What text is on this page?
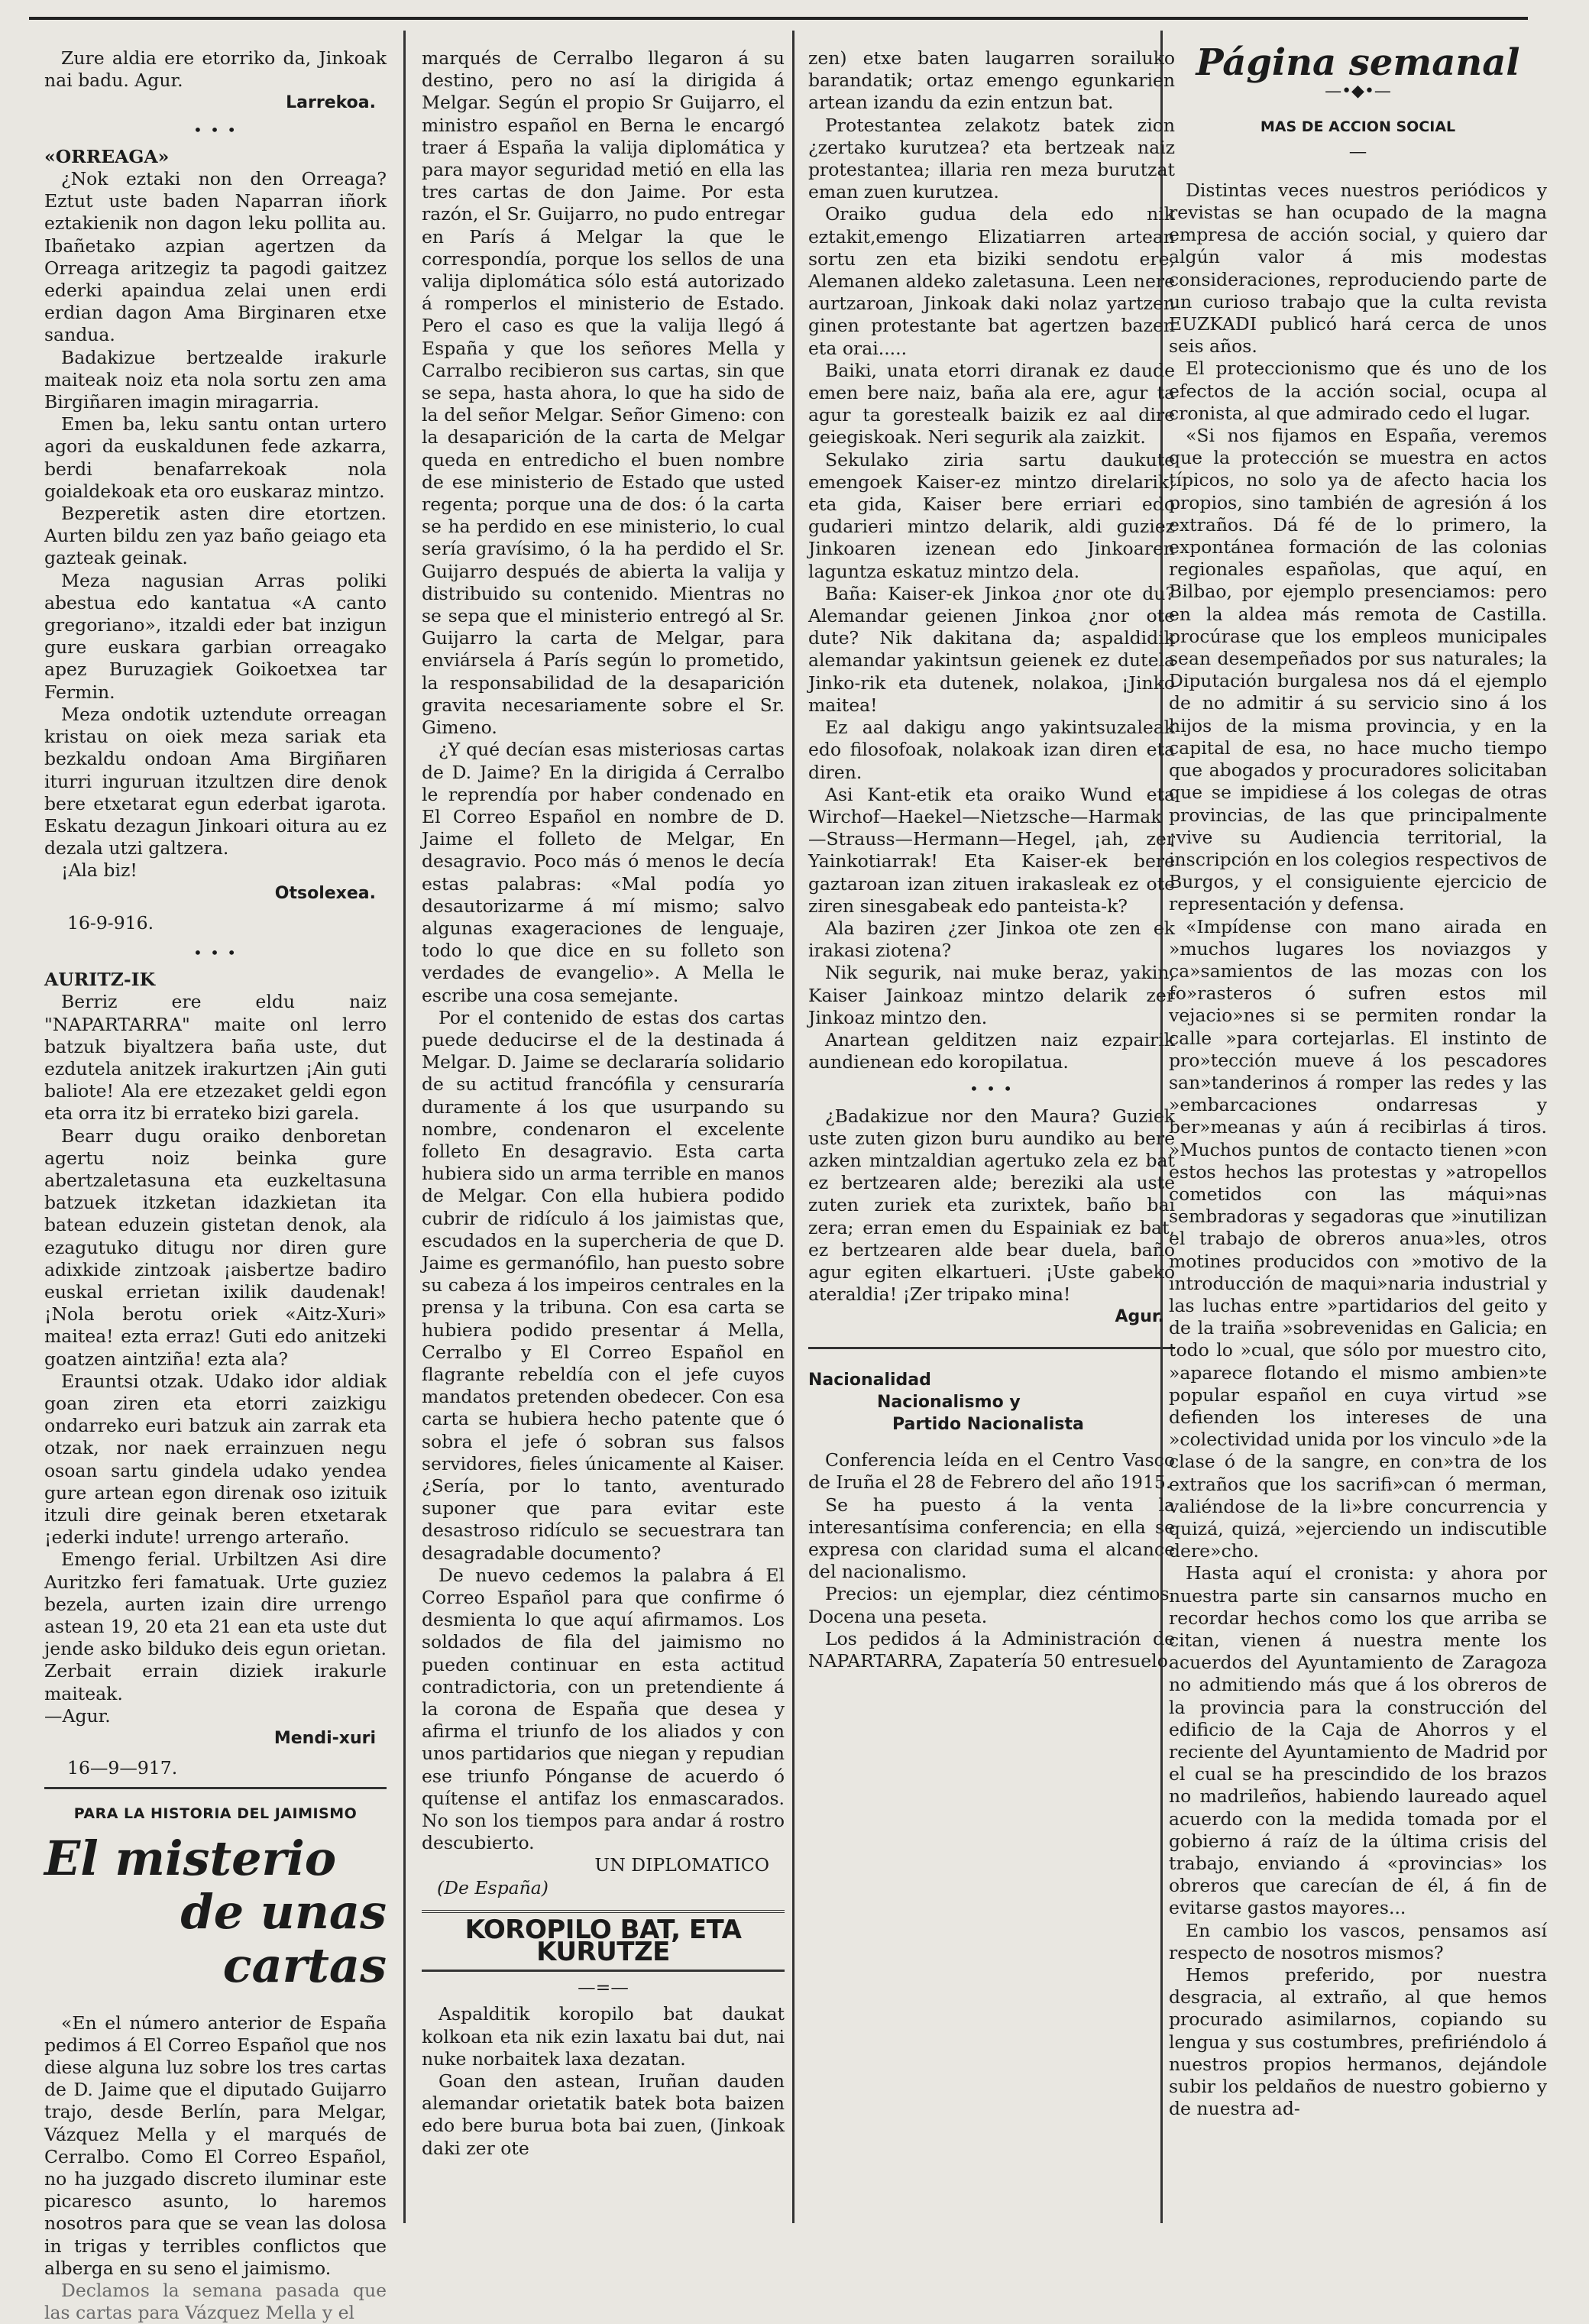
Zure aldia ere etorriko da, Jinkoak nai badu. Agur.

Larrekoa.
• • •

«ORREAGA»

¿Nok eztaki non den Orreaga? Eztut uste baden Naparran iñork eztakienik non dagon leku pollita au. Ibañetako azpian agertzen da Orreaga aritzegiz ta pagodi gaitzez ederki apaindua zelai unen erdi erdian dagon Ama Birginaren etxe sandua.

Badakizue bertzealde irakurle maiteak noiz eta nola sortu zen ama Birgiñaren imagin miragarria.

Emen ba, leku santu ontan urtero agori da euskaldunen fede azkarra, berdi benafarrekoak nola goialdekoak eta oro euskaraz mintzo.

Bezperetik asten dire etortzen. Aurten bildu zen yaz baño geiago eta gazteak geinak.

Meza nagusian Arras poliki abestua edo kantatua «A canto gregoriano», itzaldi eder bat inzigun gure euskara garbian orreagako apez Buruzagiek Goikoetxea tar Fermin.

Meza ondotik uztendute orreagan kristau on oiek meza sariak eta bezkaldu ondoan Ama Birgiñaren iturri inguruan itzultzen dire denok bere etxetarat egun ederbat igarota. Eskatu dezagun Jinkoari oitura au ez dezala utzi galtzera.

¡Ala biz!

Otsolexea.
16-9-916.
• • •

AURITZ-IK

Berriz ere eldu naiz "NAPARTARRA" maite onl lerro batzuk biyaltzera baña uste, dut ezdutela anitzek irakurtzen ¡Ain guti baliote! Ala ere etzezaket geldi egon eta orra itz bi errateko bizi garela.

Bearr dugu oraiko denboretan agertu noiz beinka gure abertzaletasuna eta euzkeltasuna batzuek itzketan idazkietan ita batean eduzein gistetan denok, ala ezagutuko ditugu nor diren gure adixkide zintzoak ¡aisbertze badiro euskal errietan ixilik daudenak! ¡Nola berotu oriek «Aitz-Xuri» maitea! ezta erraz! Guti edo anitzeki goatzen aintziña! ezta ala?

Erauntsi otzak. Udako idor aldiak goan ziren eta etorri zaizkigu ondarreko euri batzuk ain zarrak eta otzak, nor naek errainzuen negu osoan sartu gindela udako yendea gure artean egon direnak oso izituik itzuli dire geinak beren etxetarak ¡ederki indute! urrengo arteraño.

Emengo ferial. Urbiltzen Asi dire Auritzko feri famatuak. Urte guziez bezela, aurten izain dire urrengo astean 19, 20 eta 21 ean eta uste dut jende asko bilduko deis egun orietan. Zerbait errain diziek irakurle maiteak.

—Agur.

Mendi-xuri
16—9—917.
PARA LA HISTORIA DEL JAIMISMO
El misterio
de unas cartas

«En el número anterior de España pedimos á El Correo Español que nos diese alguna luz sobre los tres cartas de D. Jaime que el diputado Guijarro trajo, desde Berlín, para Melgar, Vázquez Mella y el marqués de Cerralbo. Como El Correo Español, no ha juzgado discreto iluminar este picaresco asunto, lo haremos nosotros para que se vean las dolosa in trigas y terribles conflictos que alberga en su seno el jaimismo.

Declamos la semana pasada que las cartas para Vázquez Mella y el

marqués de Cerralbo llegaron á su destino, pero no así la dirigida á Melgar. Según el propio Sr Guijarro, el ministro español en Berna le encargó traer á España la valija diplomática y para mayor seguridad metió en ella las tres cartas de don Jaime. Por esta razón, el Sr. Guijarro, no pudo entregar en París á Melgar la que le correspondía, porque los sellos de una valija diplomática sólo está autorizado á romperlos el ministerio de Estado. Pero el caso es que la valija llegó á España y que los señores Mella y Carralbo recibieron sus cartas, sin que se sepa, hasta ahora, lo que ha sido de la del señor Melgar. Señor Gimeno: con la desaparición de la carta de Melgar queda en entredicho el buen nombre de ese ministerio de Estado que usted regenta; porque una de dos: ó la carta se ha perdido en ese ministerio, lo cual sería gravísimo, ó la ha perdido el Sr. Guijarro después de abierta la valija y distribuido su contenido. Mientras no se sepa que el ministerio entregó al Sr. Guijarro la carta de Melgar, para enviársela á París según lo prometido, la responsabilidad de la desaparición gravita necesariamente sobre el Sr. Gimeno.

¿Y qué decían esas misteriosas cartas de D. Jaime? En la dirigida á Cerralbo le reprendía por haber condenado en El Correo Español en nombre de D. Jaime el folleto de Melgar, En desagravio. Poco más ó menos le decía estas palabras: «Mal podía yo desautorizarme á mí mismo; salvo algunas exageraciones de lenguaje, todo lo que dice en su folleto son verdades de evangelio». A Mella le escribe una cosa semejante.

Por el contenido de estas dos cartas puede deducirse el de la destinada á Melgar. D. Jaime se declararía solidario de su actitud francófila y censuraría duramente á los que usurpando su nombre, condenaron el excelente folleto En desagravio. Esta carta hubiera sido un arma terrible en manos de Melgar. Con ella hubiera podido cubrir de ridículo á los jaimistas que, escudados en la supercheria de que D. Jaime es germanófilo, han puesto sobre su cabeza á los impeiros centrales en la prensa y la tribuna. Con esa carta se hubiera podido presentar á Mella, Cerralbo y El Correo Español en flagrante rebeldía con el jefe cuyos mandatos pretenden obedecer. Con esa carta se hubiera hecho patente que ó sobra el jefe ó sobran sus falsos servidores, fieles únicamente al Kaiser. ¿Sería, por lo tanto, aventurado suponer que para evitar este desastroso ridículo se secuestrara tan desagradable documento?

De nuevo cedemos la palabra á El Correo Español para que confirme ó desmienta lo que aquí afirmamos. Los soldados de fila del jaimismo no pueden continuar en esta actitud contradictoria, con un pretendiente á la corona de España que desea y afirma el triunfo de los aliados y con unos partidarios que niegan y repudian ese triunfo Pónganse de acuerdo ó quítense el antifaz los enmascarados. No son los tiempos para andar á rostro descubierto.

UN DIPLOMATICO
(De España)
KOROPILO BAT, ETA KURUTZE
—=—

Aspalditik koropilo bat daukat kolkoan eta nik ezin laxatu bai dut, nai nuke norbaitek laxa dezatan.

Goan den astean, Iruñan dauden alemandar orietatik batek bota baizen edo bere burua bota bai zuen, (Jinkoak daki zer ote

zen) etxe baten laugarren sorailuko barandatik; ortaz emengo egunkarien artean izandu da ezin entzun bat.

Protestantea zelakotz batek zion ¿zertako kurutzea? eta bertzeak naiz protestantea; illaria ren meza burutzat eman zuen kurutzea.

Oraiko gudua dela edo nik eztakit,emengo Elizatiarren artean sortu zen eta biziki sendotu ere, Alemanen aldeko zaletasuna. Leen nere aurtzaroan, Jinkoak daki nolaz yartzen ginen protestante bat agertzen bazen eta orai.....

Baiki, unata etorri diranak ez daude emen bere naiz, baña ala ere, agur ta agur ta gorestealk baizik ez aal dire geiegiskoak. Neri segurik ala zaizkit.

Sekulako ziria sartu daukute emengoek Kaiser-ez mintzo direlarik; eta gida, Kaiser bere erriari edo gudarieri mintzo delarik, aldi guziez Jinkoaren izenean edo Jinkoaren laguntza eskatuz mintzo dela.

Baña: Kaiser-ek Jinkoa ¿nor ote du? Alemandar geienen Jinkoa ¿nor ote dute? Nik dakitana da; aspaldidik alemandar yakintsun geienek ez dutela Jinko-rik eta dutenek, nolakoa, ¡Jinko maitea!

Ez aal dakigu ango yakintsuzaleak edo filosofoak, nolakoak izan diren eta diren.

Asi Kant-etik eta oraiko Wund eta Wirchof—Haekel—Nietzsche—Harmak—Strauss—Hermann—Hegel, ¡ah, zer Yainkotiarrak! Eta Kaiser-ek bere gaztaroan izan zituen irakasleak ez ote ziren sinesgabeak edo panteista-k?

Ala baziren ¿zer Jinkoa ote zen ek irakasi ziotena?

Nik segurik, nai muke beraz, yakin, Kaiser Jainkoaz mintzo delarik zer Jinkoaz mintzo den.

Anartean gelditzen naiz ezpairik aundienean edo koropilatua.

• • •

¿Badakizue nor den Maura? Guziek uste zuten gizon buru aundiko au bere azken mintzaldian agertuko zela ez bat ez bertzearen alde; bereziki ala uste zuten zuriek eta zurixtek, baño bai zera; erran emen du Espainiak ez bat, ez bertzearen alde bear duela, baño agur egiten elkartueri. ¡Uste gabeko ateraldia! ¡Zer tripako mina!

Agur.

Nacionalidad

Nacionalismo y

Partido Nacionalista

Conferencia leída en el Centro Vasco de Iruña el 28 de Febrero del año 1915.

Se ha puesto á la venta la interesantísima conferencia; en ella se expresa con claridad suma el alcance del nacionalismo.

Precios: un ejemplar, diez céntimos. Docena una peseta.

Los pedidos á la Administración de NAPARTARRA, Zapatería 50 entresuelo.

Página semanal
—•◆•—
MAS DE ACCION SOCIAL
—

Distintas veces nuestros periódicos y revistas se han ocupado de la magna empresa de acción social, y quiero dar algún valor á mis modestas consideraciones, reproduciendo parte de un curioso trabajo que la culta revista EUZKADI publicó hará cerca de unos seis años.

El proteccionismo que és uno de los efectos de la acción social, ocupa al cronista, al que admirado cedo el lugar.

«Si nos fijamos en España, veremos que la protección se muestra en actos típicos, no solo ya de afecto hacia los propios, sino también de agresión á los extraños. Dá fé de lo primero, la expontánea formación de las colonias regionales españolas, que aquí, en Bilbao, por ejemplo presenciamos: pero en la aldea más remota de Castilla. procúrase que los empleos municipales sean desempeñados por sus naturales; la Diputación burgalesa nos dá el ejemplo de no admitir á su servicio sino á los hijos de la misma provincia, y en la capital de esa, no hace mucho tiempo que abogados y procuradores solicitaban que se impidiese á los colegas de otras provincias, de las que principalmente ¡vive su Audiencia territorial, la inscripción en los colegios respectivos de Burgos, y el consiguiente ejercicio de representación y defensa.

«Impídense con mano airada en »muchos lugares los noviazgos y ca»samientos de las mozas con los fo»rasteros ó sufren estos mil vejacio»nes si se permiten rondar la calle »para cortejarlas. El instinto de pro»tección mueve á los pescadores san»tanderinos á romper las redes y las »embarcaciones ondarresas y ber»meanas y aún á recibirlas á tiros. »Muchos puntos de contacto tienen »con estos hechos las protestas y »atropellos cometidos con las máqui»nas sembradoras y segadoras que »inutilizan el trabajo de obreros anua»les, otros motines producidos con »motivo de la introducción de maqui»naria industrial y las luchas entre »partidarios del geito y de la traiña »sobrevenidas en Galicia; en todo lo »cual, que sólo por muestro cito, »aparece flotando el mismo ambien»te popular español en cuya virtud »se defienden los intereses de una »colectividad unida por los vinculo »de la clase ó de la sangre, en con»tra de los extraños que los sacrifi»can ó merman, valiéndose de la li»bre concurrencia y quizá, quizá, »ejerciendo un indiscutible dere»cho.

Hasta aquí el cronista: y ahora por nuestra parte sin cansarnos mucho en recordar hechos como los que arriba se citan, vienen á nuestra mente los acuerdos del Ayuntamiento de Zaragoza no admitiendo más que á los obreros de la provincia para la construcción del edificio de la Caja de Ahorros y el reciente del Ayuntamiento de Madrid por el cual se ha prescindido de los brazos no madrileños, habiendo laureado aquel acuerdo con la medida tomada por el gobierno á raíz de la última crisis del trabajo, enviando á «provincias» los obreros que carecían de él, á fin de evitarse gastos mayores...

En cambio los vascos, pensamos así respecto de nosotros mismos?

Hemos preferido, por nuestra desgracia, al extraño, al que hemos procurado asimilarnos, copiando su lengua y sus costumbres, prefiriéndolo á nuestros propios hermanos, dejándole subir los peldaños de nuestro gobierno y de nuestra ad-
